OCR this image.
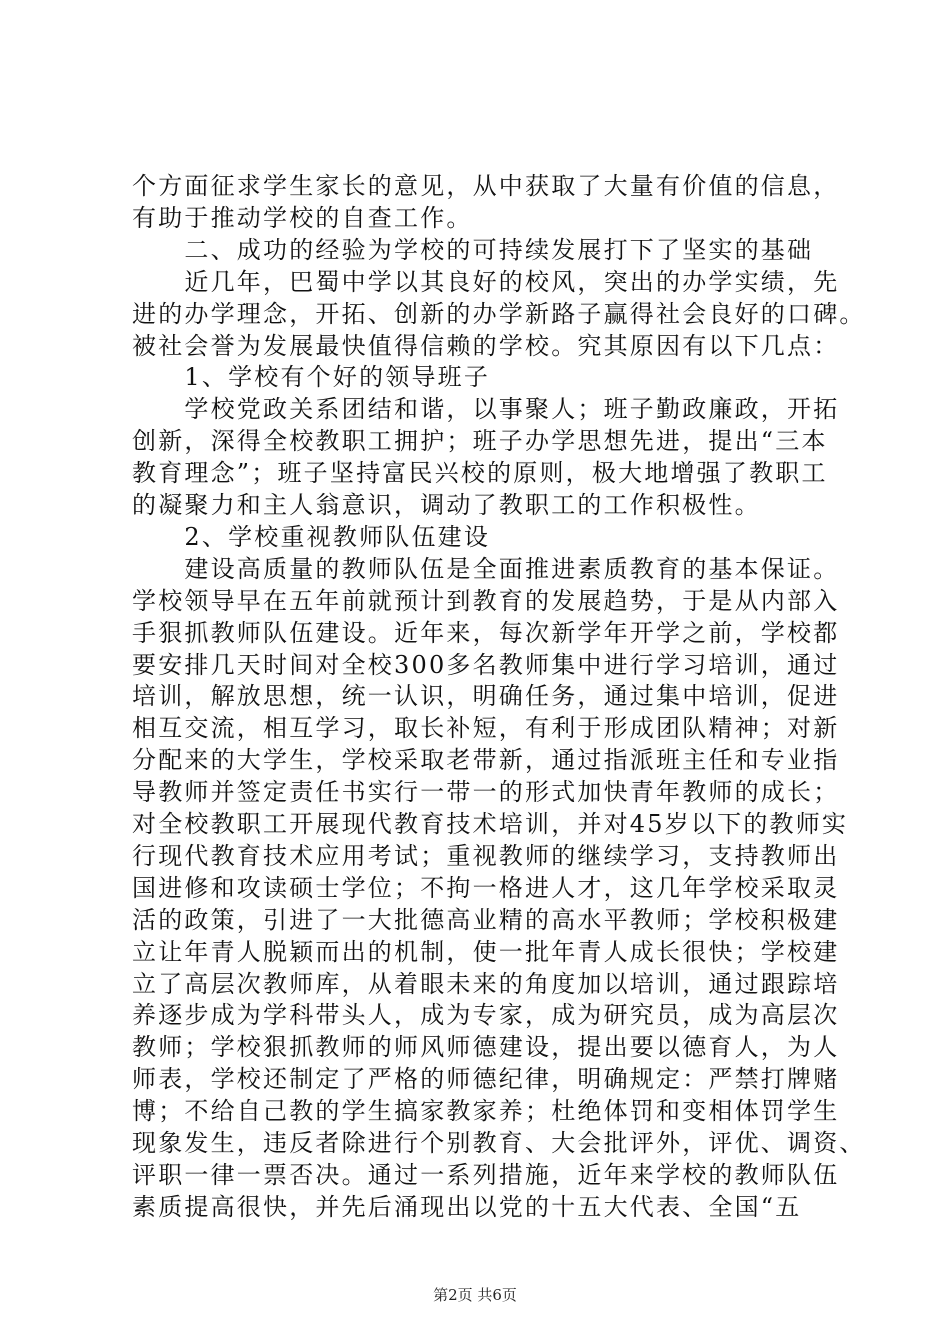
个方面征求学生家长的意见，从中获取了大量有价值的信息，
有助于推动学校的自查工作。
　　二、成功的经验为学校的可持续发展打下了坚实的基础
　　近几年，巴蜀中学以其良好的校风，突出的办学实绩，先
进的办学理念，开拓、创新的办学新路子赢得社会良好的口碑。
被社会誉为发展最快值得信赖的学校。究其原因有以下几点：
　　1、学校有个好的领导班子
　　学校党政关系团结和谐，以事聚人；班子勤政廉政，开拓
创新，深得全校教职工拥护；班子办学思想先进，提出“三本
教育理念”；班子坚持富民兴校的原则，极大地增强了教职工
的凝聚力和主人翁意识，调动了教职工的工作积极性。
　　2、学校重视教师队伍建设
　　建设高质量的教师队伍是全面推进素质教育的基本保证。
学校领导早在五年前就预计到教育的发展趋势，于是从内部入
手狠抓教师队伍建设。近年来，每次新学年开学之前，学校都
要安排几天时间对全校300多名教师集中进行学习培训，通过
培训，解放思想，统一认识，明确任务，通过集中培训，促进
相互交流，相互学习，取长补短，有利于形成团队精神；对新
分配来的大学生，学校采取老带新，通过指派班主任和专业指
导教师并签定责任书实行一带一的形式加快青年教师的成长；
对全校教职工开展现代教育技术培训，并对45岁以下的教师实
行现代教育技术应用考试；重视教师的继续学习，支持教师出
国进修和攻读硕士学位；不拘一格进人才，这几年学校采取灵
活的政策，引进了一大批德高业精的高水平教师；学校积极建
立让年青人脱颖而出的机制，使一批年青人成长很快；学校建
立了高层次教师库，从着眼未来的角度加以培训，通过跟踪培
养逐步成为学科带头人，成为专家，成为研究员，成为高层次
教师；学校狠抓教师的师风师德建设，提出要以德育人，为人
师表，学校还制定了严格的师德纪律，明确规定：严禁打牌赌
博；不给自己教的学生搞家教家养；杜绝体罚和变相体罚学生
现象发生，违反者除进行个别教育、大会批评外，评优、调资、
评职一律一票否决。通过一系列措施，近年来学校的教师队伍
素质提高很快，并先后涌现出以党的十五大代表、全国“五
第2页 共6页
